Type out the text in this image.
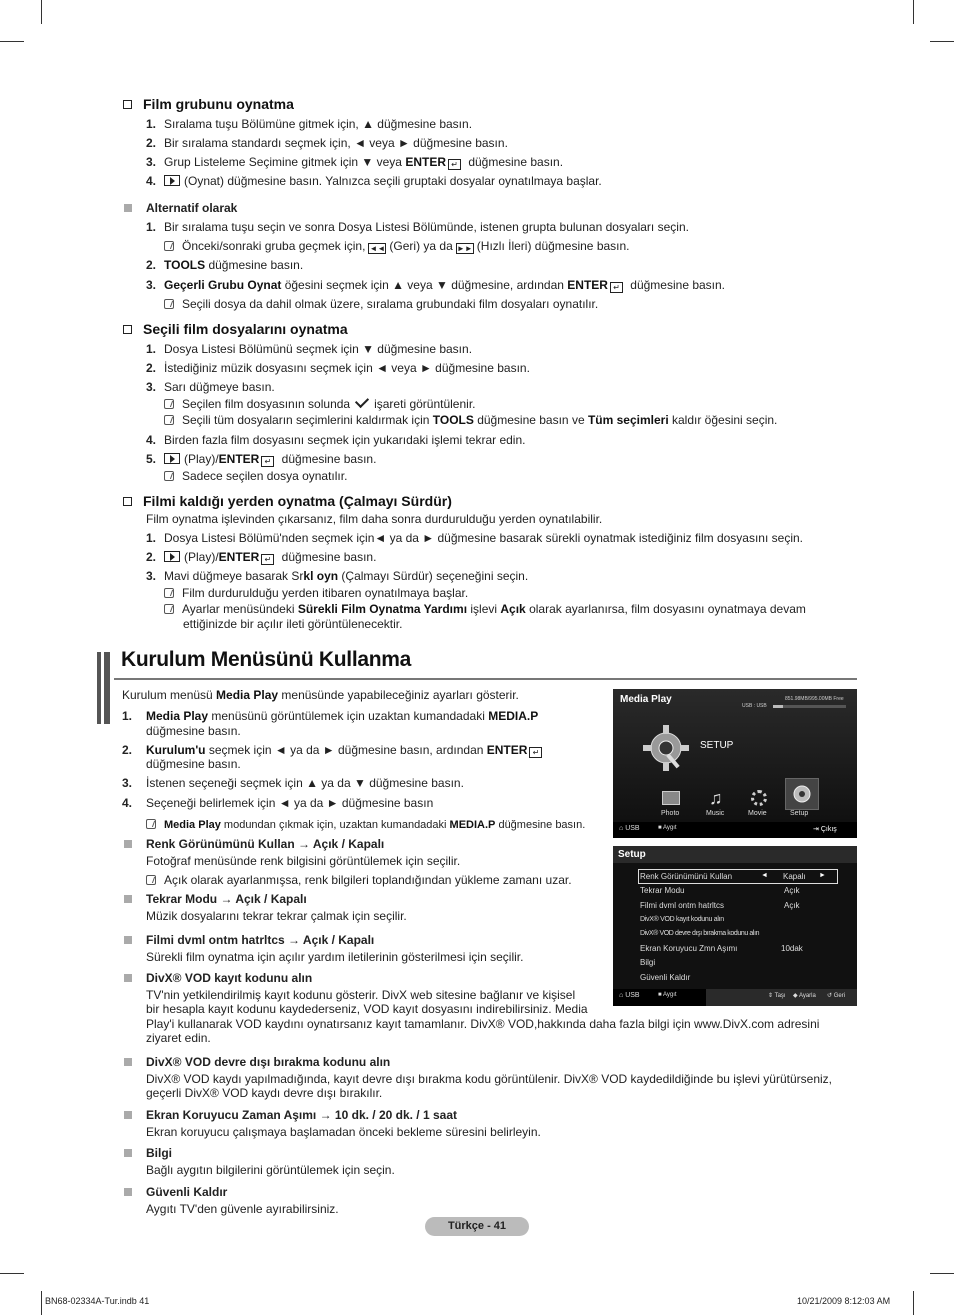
Film grubunu oynatma
1. Sıralama tuşu Bölümüne gitmek için, ▲ düğmesine basın.
2. Bir sıralama standardı seçmek için, ◄ veya ► düğmesine basın.
3. Grup Listeleme Seçimine gitmek için ▼ veya ENTER ↵ düğmesine basın.
4.	(Oynat) düğmesine basın. Yalnızca seçili gruptaki dosyalar oynatılmaya başlar.
Alternatif olarak
1. Bir sıralama tuşu seçin ve sonra Dosya Listesi Bölümünde, istenen grupta bulunan dosyaları seçin.
Önceki/sonraki gruba geçmek için, ◄◄ (Geri) ya da ►► (Hızlı İleri) düğmesine basın.
2. TOOLS düğmesine basın.
3. Geçerli Grubu Oynat öğesini seçmek için ▲ veya ▼ düğmesine, ardından ENTER ↵ düğmesine basın.
Seçili dosya da dahil olmak üzere, sıralama grubundaki film dosyaları oynatılır.
Seçili film dosyalarını oynatma
1. Dosya Listesi Bölümünü seçmek için ▼ düğmesine basın.
2. İstediğiniz müzik dosyasını seçmek için ◄ veya ► düğmesine basın.
3. Sarı düğmeye basın.
Seçilen film dosyasının solunda işareti görüntülenir.
Seçili tüm dosyaların seçimlerini kaldırmak için TOOLS düğmesine basın ve Tüm seçimleri kaldır öğesini seçin.
4. Birden fazla film dosyasını seçmek için yukarıdaki işlemi tekrar edin.
5.	(Play)/ENTER ↵ düğmesine basın.
Sadece seçilen dosya oynatılır.
Filmi kaldığı yerden oynatma (Çalmayı Sürdür)
Film oynatma işlevinden çıkarsanız, film daha sonra durdurulduğu yerden oynatılabilir.
1. Dosya Listesi Bölümü'nden seçmek için◄ ya da ► düğmesine basarak sürekli oynatmak istediğiniz film dosyasını seçin.
2.	(Play)/ENTER ↵ düğmesine basın.
3. Mavi düğmeye basarak Srkl oyn (Çalmayı Sürdür) seçeneğini seçin.
Film durdurulduğu yerden itibaren oynatılmaya başlar.
Ayarlar menüsündeki Sürekli Film Oynatma Yardımı işlevi Açık olarak ayarlanırsa, film dosyasını oynatmaya devam
ettiğinizde bir açılır ileti görüntülenecektir.
Kurulum Menüsünü Kullanma
Kurulum menüsü Media Play menüsünde yapabileceğiniz ayarları gösterir.
1. Media Play menüsünü görüntülemek için uzaktan kumandadaki MEDIA.P
düğmesine basın.
2. Kurulum'u seçmek için ◄ ya da ► düğmesine basın, ardından ENTER ↵
düğmesine basın.
3. İstenen seçeneği seçmek için ▲ ya da ▼ düğmesine basın.
4. Seçeneği belirlemek için ◄ ya da ► düğmesine basın
Media Play modundan çıkmak için, uzaktan kumandadaki MEDIA.P düğmesine basın.
Renk Görünümünü Kullan → Açık / Kapalı
Fotoğraf menüsünde renk bilgisini görüntülemek için seçilir.
Açık olarak ayarlanmışsa, renk bilgileri toplandığından yükleme zamanı uzar.
Tekrar Modu → Açık / Kapalı
Müzik dosyalarını tekrar tekrar çalmak için seçilir.
Filmi dvml ontm hatrltcs → Açık / Kapalı
Sürekli film oynatma için açılır yardım iletilerinin gösterilmesi için seçilir.
DivX® VOD kayıt kodunu alın
TV'nin yetkilendirilmiş kayıt kodunu gösterir. DivX web sitesine bağlanır ve kişisel
bir hesapla kayıt kodunu kaydederseniz, VOD kayıt dosyasını indirebilirsiniz. Media
Play'i kullanarak VOD kaydını oynatırsanız kayıt tamamlanır. DivX® VOD,hakkında daha fazla bilgi için www.DivX.com adresini
ziyaret edin.
DivX® VOD devre dışı bırakma kodunu alın
DivX® VOD kaydı yapılmadığında, kayıt devre dışı bırakma kodu görüntülenir. DivX® VOD kaydedildiğinde bu işlevi yürütürseniz,
geçerli DivX® VOD kaydı devre dışı bırakılır.
Ekran Koruyucu Zaman Aşımı → 10 dk. / 20 dk. / 1 saat
Ekran koruyucu çalışmaya başlamadan önceki bekleme süresini belirleyin.
Bilgi
Bağlı aygıtın bilgilerini görüntülemek için seçin.
Güvenli Kaldır
Aygıtı TV'den güvenle ayırabilirsiniz.
Media Play	851.98MB/995.00MB Free
USB : USB
SETUP
♫
Photo	Music	Movie	Setup
⌂ USB	■ Aygıt	⇥ Çıkış
Setup
◄	►
Renk Görünümünü Kullan	Kapalı
Tekrar Modu	Açık
Filmi dvml ontm hatrltcs	Açık
DivX® VOD kayıt kodunu alın
DivX® VOD devre dışı bırakma kodunu alın
Ekran Koruyucu Zmn Aşımı	10dak
Bilgi
Güvenli Kaldır
⌂ USB	■ Aygıt	⇕ Taşı ◆ Ayarla ↺ Geri
Türkçe - 41
BN68-02334A-Tur.indb 41	10/21/2009 8:12:03 AM
